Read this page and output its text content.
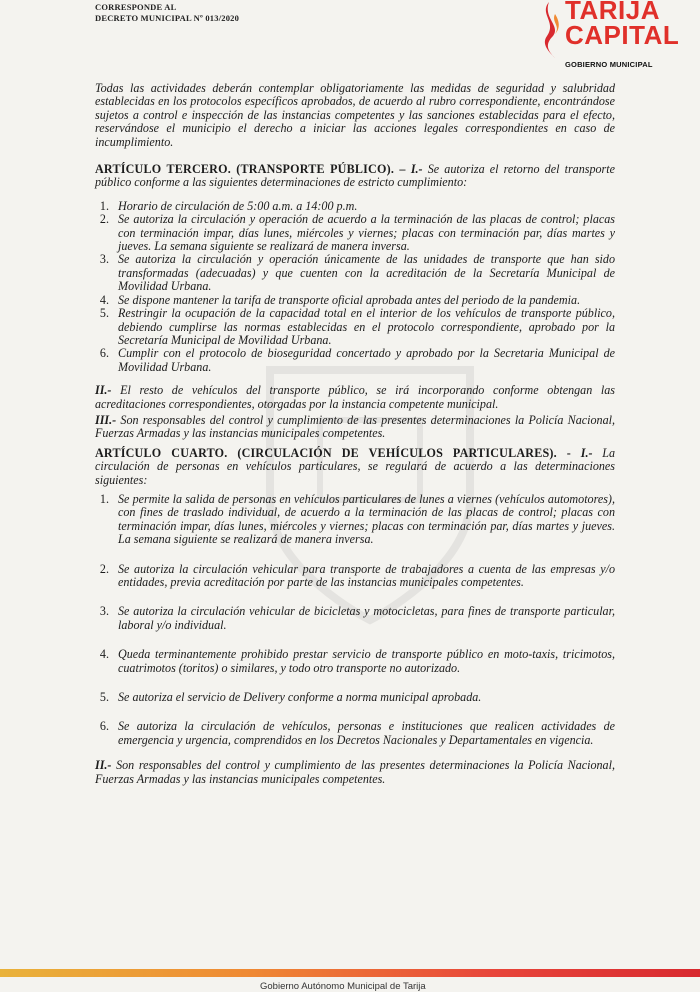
CORRESPONDE AL
DECRETO MUNICIPAL Nº 013/2020	TARIJA
CAPITAL
GOBIERNO MUNICIPAL

Todas las actividades deberán contemplar obligatoriamente las medidas de seguridad y salubridad establecidas en los protocolos específicos aprobados, de acuerdo al rubro correspondiente, encontrándose sujetos a control e inspección de las instancias competentes y las sanciones establecidas para el efecto, reservándose el municipio el derecho a iniciar las acciones legales correspondientes en caso de incumplimiento.

ARTÍCULO TERCERO. (TRANSPORTE PÚBLICO). – I.- Se autoriza el retorno del transporte público conforme a las siguientes determinaciones de estricto cumplimiento:

1. Horario de circulación de 5:00 a.m. a 14:00 p.m.
2. Se autoriza la circulación y operación de acuerdo a la terminación de las placas de control; placas con terminación impar, días lunes, miércoles y viernes; placas con terminación par, días martes y jueves. La semana siguiente se realizará de manera inversa.
3. Se autoriza la circulación y operación únicamente de las unidades de transporte que han sido transformadas (adecuadas) y que cuenten con la acreditación de la Secretaría Municipal de Movilidad Urbana.
4. Se dispone mantener la tarifa de transporte oficial aprobada antes del periodo de la pandemia.
5. Restringir la ocupación de la capacidad total en el interior de los vehículos de transporte público, debiendo cumplirse las normas establecidas en el protocolo correspondiente, aprobado por la Secretaría Municipal de Movilidad Urbana.
6. Cumplir con el protocolo de bioseguridad concertado y aprobado por la Secretaria Municipal de Movilidad Urbana.

II.- El resto de vehículos del transporte público, se irá incorporando conforme obtengan las acreditaciones correspondientes, otorgadas por la instancia competente municipal.

III.- Son responsables del control y cumplimiento de las presentes determinaciones la Policía Nacional, Fuerzas Armadas y las instancias municipales competentes.

ARTÍCULO CUARTO. (CIRCULACIÓN DE VEHÍCULOS PARTICULARES). - I.- La circulación de personas en vehículos particulares, se regulará de acuerdo a las determinaciones siguientes:

1. Se permite la salida de personas en vehículos particulares de lunes a viernes (vehículos automotores), con fines de traslado individual, de acuerdo a la terminación de las placas de control; placas con terminación impar, días lunes, miércoles y viernes; placas con terminación par, días martes y jueves. La semana siguiente se realizará de manera inversa.
2. Se autoriza la circulación vehicular para transporte de trabajadores a cuenta de las empresas y/o entidades, previa acreditación por parte de las instancias municipales competentes.
3. Se autoriza la circulación vehicular de bicicletas y motocicletas, para fines de transporte particular, laboral y/o individual.
4. Queda terminantemente prohibido prestar servicio de transporte público en moto-taxis, tricimotos, cuatrimotos (toritos) o similares, y todo otro transporte no autorizado.
5. Se autoriza el servicio de Delivery conforme a norma municipal aprobada.
6. Se autoriza la circulación de vehículos, personas e instituciones que realicen actividades de emergencia y urgencia, comprendidos en los Decretos Nacionales y Departamentales en vigencia.

II.- Son responsables del control y cumplimiento de las presentes determinaciones la Policía Nacional, Fuerzas Armadas y las instancias municipales competentes.

Gobierno Autónomo Municipal de Tarija
